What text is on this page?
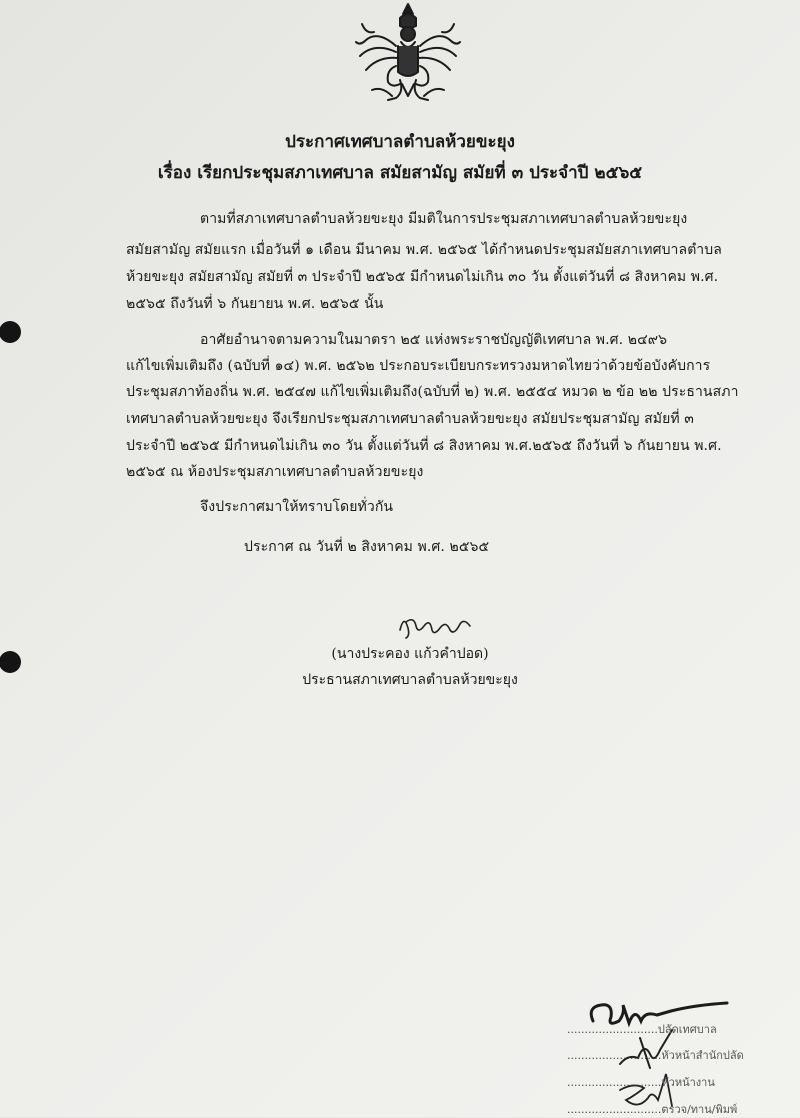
ประกาศเทศบาลตำบลห้วยขะยุง
เรื่อง เรียกประชุมสภาเทศบาล สมัยสามัญ สมัยที่ ๓ ประจำปี ๒๕๖๕
ตามที่สภาเทศบาลตำบลห้วยขะยุง มีมติในการประชุมสภาเทศบาลตำบลห้วยขะยุง
สมัยสามัญ สมัยแรก เมื่อวันที่ ๑ เดือน มีนาคม พ.ศ. ๒๕๖๕ ได้กำหนดประชุมสมัยสภาเทศบาลตำบล
ห้วยขะยุง สมัยสามัญ สมัยที่ ๓ ประจำปี ๒๕๖๕ มีกำหนดไม่เกิน ๓๐ วัน ตั้งแต่วันที่ ๘ สิงหาคม พ.ศ.
๒๕๖๕ ถึงวันที่ ๖ กันยายน พ.ศ. ๒๕๖๕ นั้น
อาศัยอำนาจตามความในมาตรา ๒๕ แห่งพระราชบัญญัติเทศบาล พ.ศ. ๒๔๙๖
แก้ไขเพิ่มเติมถึง (ฉบับที่ ๑๔) พ.ศ. ๒๕๖๒ ประกอบระเบียบกระทรวงมหาดไทยว่าด้วยข้อบังคับการ
ประชุมสภาท้องถิ่น พ.ศ. ๒๕๔๗ แก้ไขเพิ่มเติมถึง(ฉบับที่ ๒) พ.ศ. ๒๕๕๔ หมวด ๒ ข้อ ๒๒ ประธานสภา
เทศบาลตำบลห้วยขะยุง จึงเรียกประชุมสภาเทศบาลตำบลห้วยขะยุง สมัยประชุมสามัญ สมัยที่ ๓
ประจำปี ๒๕๖๕ มีกำหนดไม่เกิน ๓๐ วัน ตั้งแต่วันที่ ๘ สิงหาคม พ.ศ.๒๕๖๕ ถึงวันที่ ๖ กันยายน พ.ศ.
๒๕๖๕ ณ ห้องประชุมสภาเทศบาลตำบลห้วยขะยุง
จึงประกาศมาให้ทราบโดยทั่วกัน
ประกาศ ณ วันที่ ๒ สิงหาคม พ.ศ. ๒๕๖๕
(นางประคอง แก้วคำปอด)
ประธานสภาเทศบาลตำบลห้วยขะยุง
..........................ปลัดเทศบาล
...........................หัวหน้าสำนักปลัด
...........................หัวหน้างาน
...........................ตรวจ/ทาน/พิมพ์
